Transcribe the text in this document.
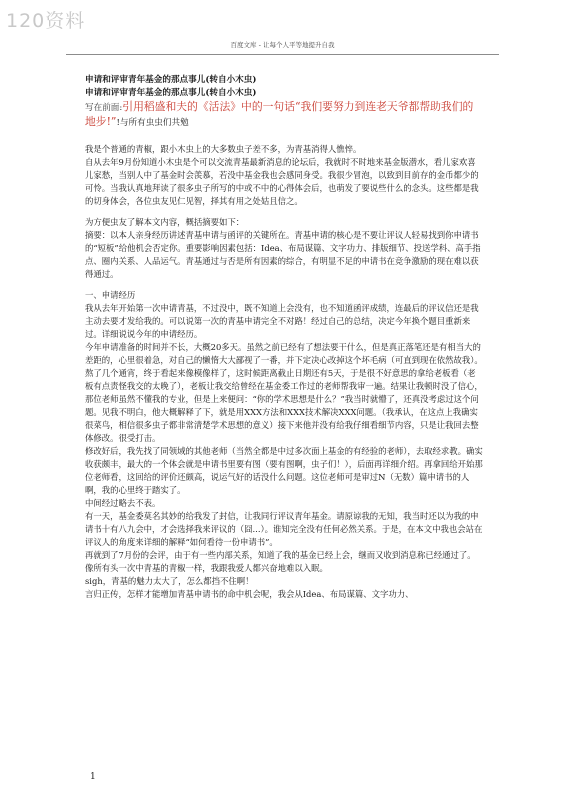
120资料
百度文库 - 让每个人平等地提升自我

申请和评审青年基金的那点事儿(转自小木虫)

申请和评审青年基金的那点事儿(转自小木虫)

写在前面:引用稻盛和夫的《活法》中的一句话“我们要努力到连老天爷都帮助我们的地步!”!与所有虫虫们共勉

我是个普通的青椒，跟小木虫上的大多数虫子差不多，为青基消得人憔悴。

自从去年9月份知道小木虫是个可以交流青基最新消息的论坛后，我就时不时地来基金版潜水，看儿家欢喜儿家愁，当别人中了基金时会羡慕，若没中基金我也会感同身受。我很少冒泡，以致到目前存的金币都少的可怜。当我认真地拜读了很多虫子所写的中或不中的心得体会后，也萌发了要说些什么的念头。这些都是我的切身体会，各位虫友见仁见智，择其有用之处姑且信之。

为方便虫友了解本文内容，概括摘要如下：

摘要：以本人亲身经历讲述青基申请与函评的关键所在。青基申请的核心是不要让评议人轻易找到你申请书的“短板”给他机会否定你。重要影响因素包括：Idea、布局谋篇、文字功力、排版细节、投送学科、高手指点、圈内关系、人品运气。青基通过与否是所有因素的综合，有明显不足的申请书在竞争激励的现在难以获得通过。

一、申请经历

我从去年开始第一次申请青基，不过没中，既不知道上会没有，也不知道函评成绩，连最后的评议信还是我主动去要才发给我的。可以说第一次的青基申请完全不对路！经过自己的总结，决定今年换个题目重新来过。详细说说今年的申请经历。

今年申请准备的时间并不长，大概20多天。虽然之前已经有了想法要干什么，但是真正落笔还是有相当大的差距的，心里很着急，对自己的懒惰大大鄙视了一番，并下定决心改掉这个坏毛病（可直到现在依然故我）。熬了几个通宵，终于看起来像模像样了，这时候距离截止日期还有5天，于是很不好意思的拿给老板看（老板有点责怪我交的太晚了），老板让我交给曾经在基金委工作过的老师帮我审一遍。结果让我顿时没了信心，那位老师虽然不懂我的专业，但是上来便问：“你的学术思想是什么？”我当时就懵了，还真没考虑过这个问题。见我不明白，他大概解释了下，就是用XXX方法和XXX技术解决XXX问题。（我承认，在这点上我确实很菜鸟，相信很多虫子都非常清楚学术思想的意义）接下来他并没有给我仔细看细节内容，只是让我回去整体修改。很受打击。

修改好后，我先找了同领域的其他老师（当然全都是中过多次面上基金的有经验的老师），去取经求教。确实收获颇丰，最大的一个体会就是申请书里要有图（要有图啊，虫子们！），后面再详细介绍。再拿回给开始那位老师看，这回给的评价还颇高，说运气好的话没什么问题。这位老师可是审过N（无数）篇申请书的人啊，我的心里终于踏实了。

中间经过略去不表。

有一天，基金委莫名其妙的给我发了封信，让我同行评议青年基金。请原谅我的无知，我当时还以为我的申请书十有八九会中，才会选择我来评议的（囧...）。谁知完全没有任何必然关系。于是，在本文中我也会站在评议人的角度来详细的解释“如何看待一份申请书”。

再就到了7月份的会评，由于有一些内部关系，知道了我的基金已经上会，继而又收到消息称已经通过了。像所有头一次中青基的青椒一样，我跟我爱人都兴奋地难以入眠。

sigh，青基的魅力太大了，怎么都挡不住啊！

言归正传，怎样才能增加青基申请书的命中机会呢，我会从Idea、布局谋篇、文字功力、

1
